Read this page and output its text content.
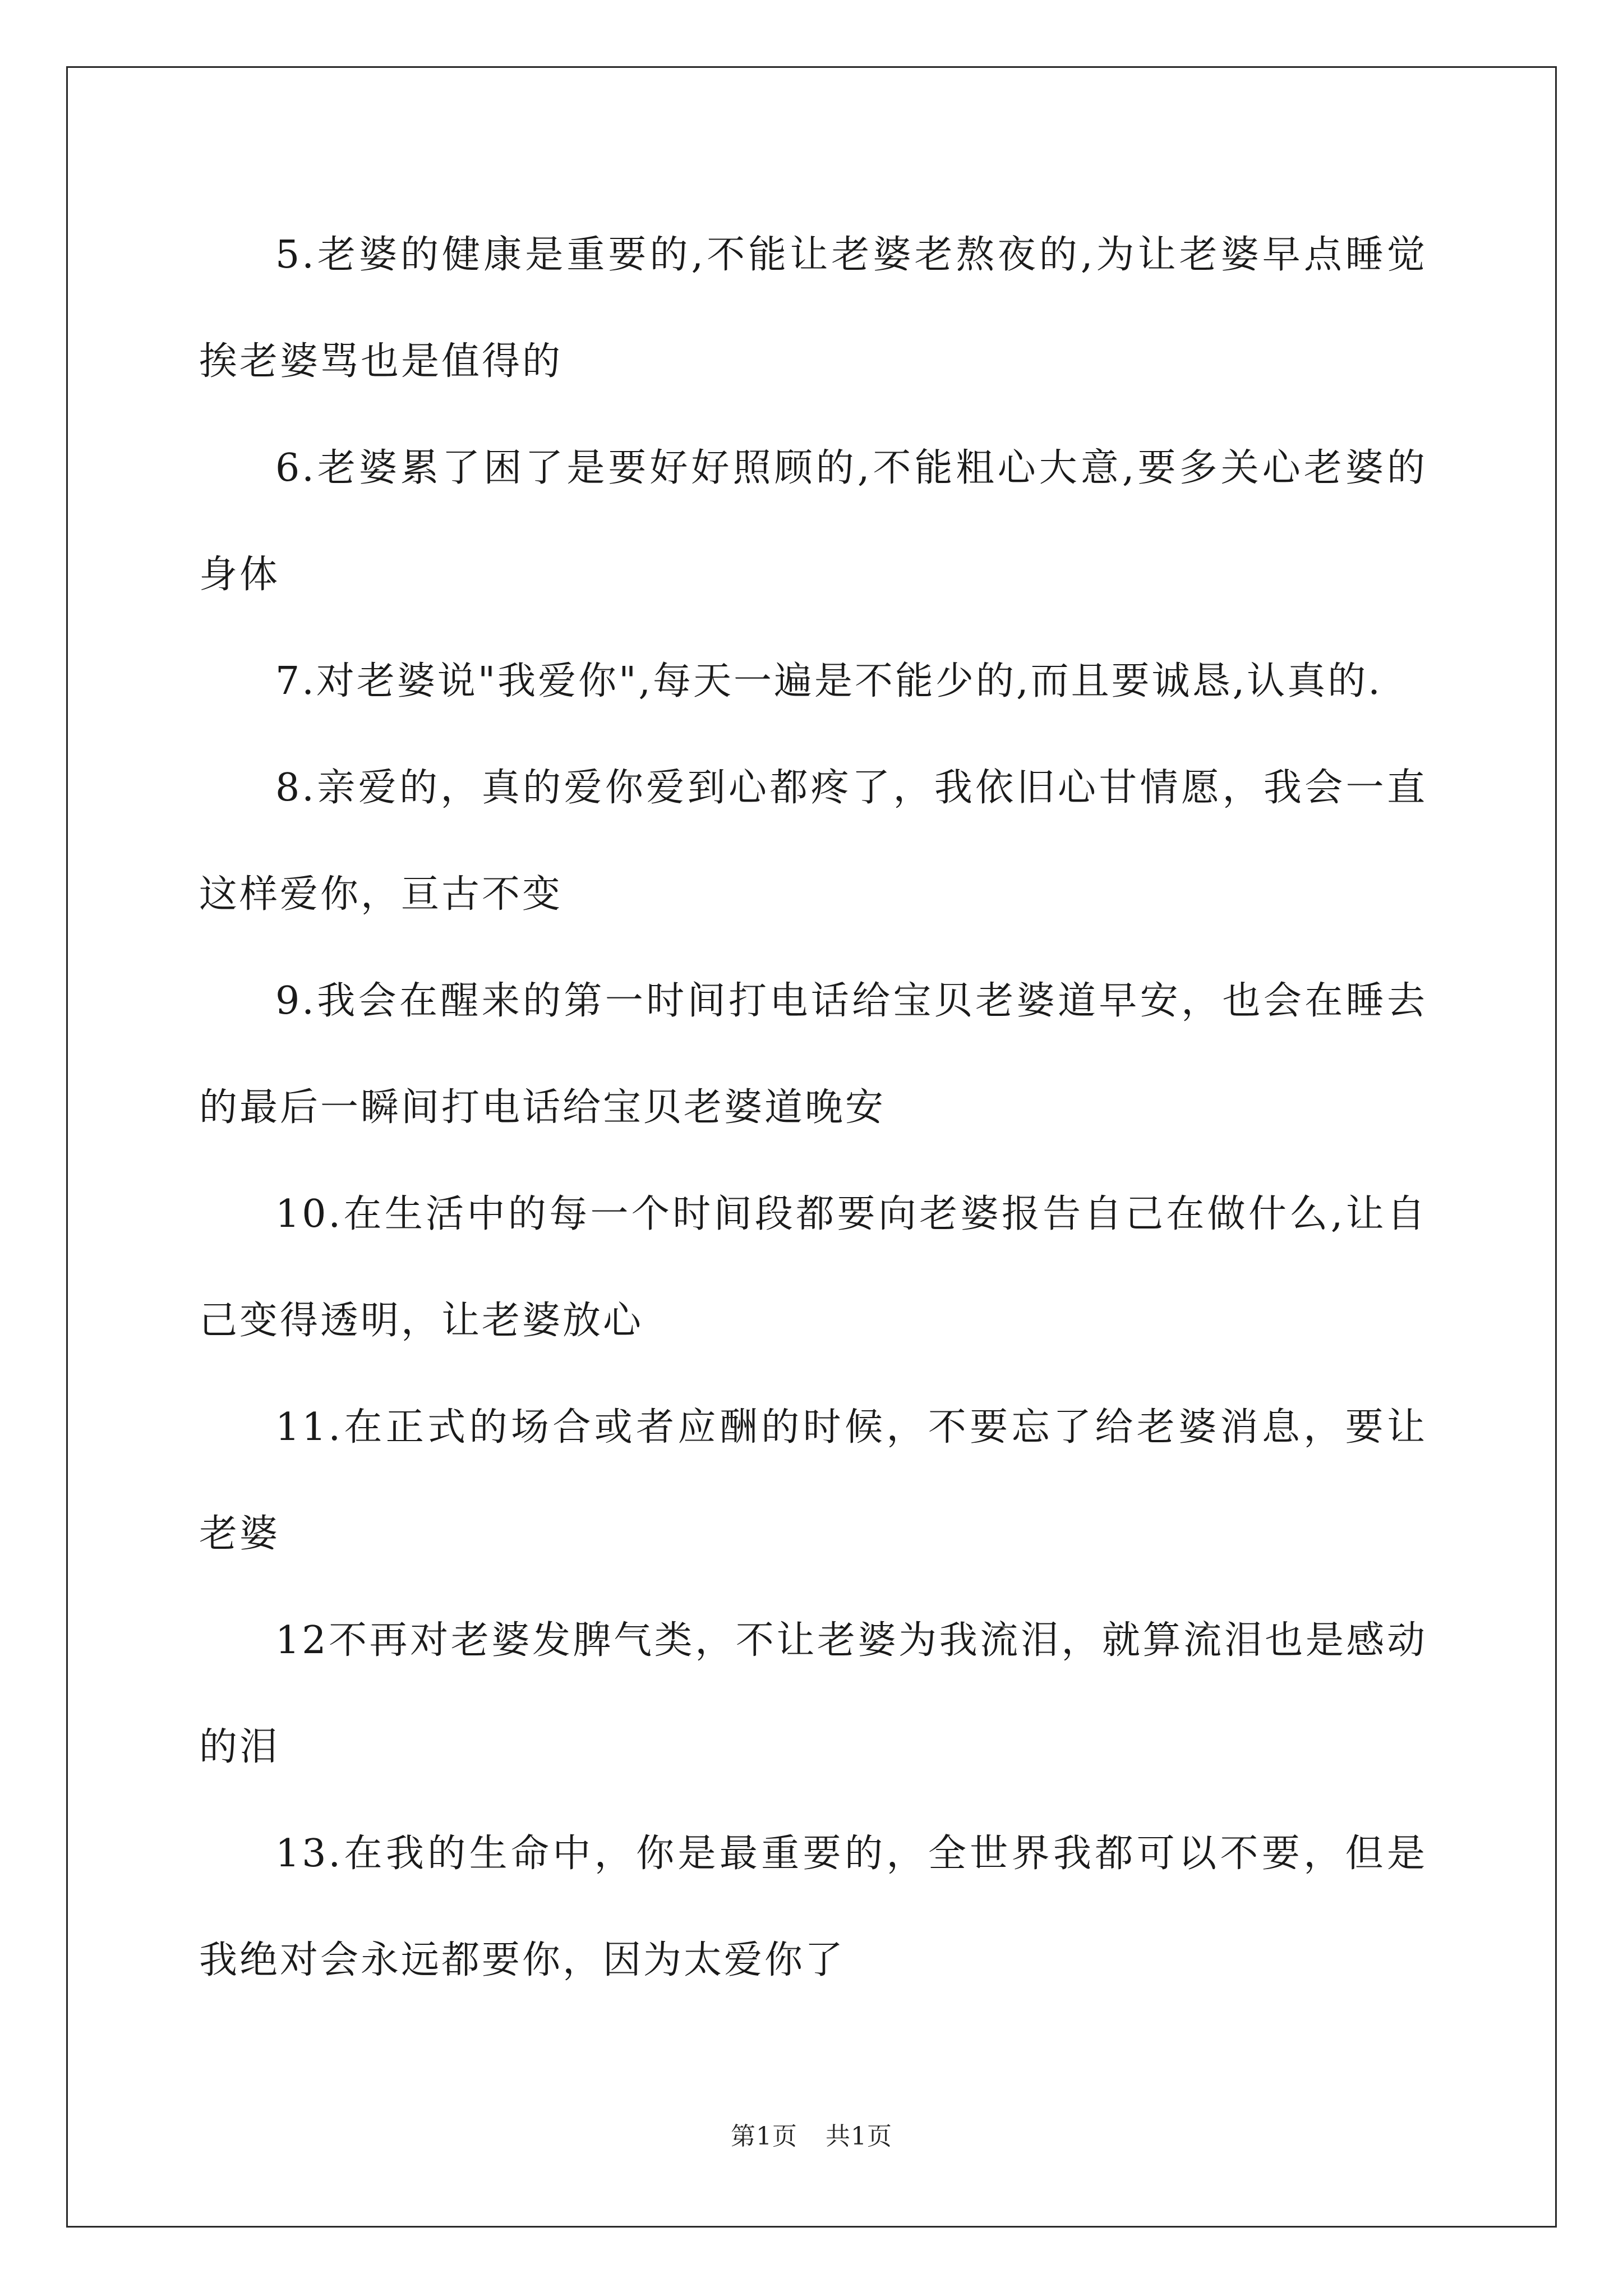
5.老婆的健康是重要的,不能让老婆老熬夜的,为让老婆早点睡觉挨老婆骂也是值得的

6.老婆累了困了是要好好照顾的,不能粗心大意,要多关心老婆的身体

7.对老婆说"我爱你",每天一遍是不能少的,而且要诚恳,认真的.

8.亲爱的，真的爱你爱到心都疼了，我依旧心甘情愿，我会一直这样爱你，亘古不变

9.我会在醒来的第一时间打电话给宝贝老婆道早安，也会在睡去的最后一瞬间打电话给宝贝老婆道晚安

10.在生活中的每一个时间段都要向老婆报告自己在做什么,让自己变得透明，让老婆放心

11.在正式的场合或者应酬的时候，不要忘了给老婆消息，要让老婆

12不再对老婆发脾气类，不让老婆为我流泪，就算流泪也是感动的泪

13.在我的生命中，你是最重要的，全世界我都可以不要，但是我绝对会永远都要你，因为太爱你了

第1页 共1页
